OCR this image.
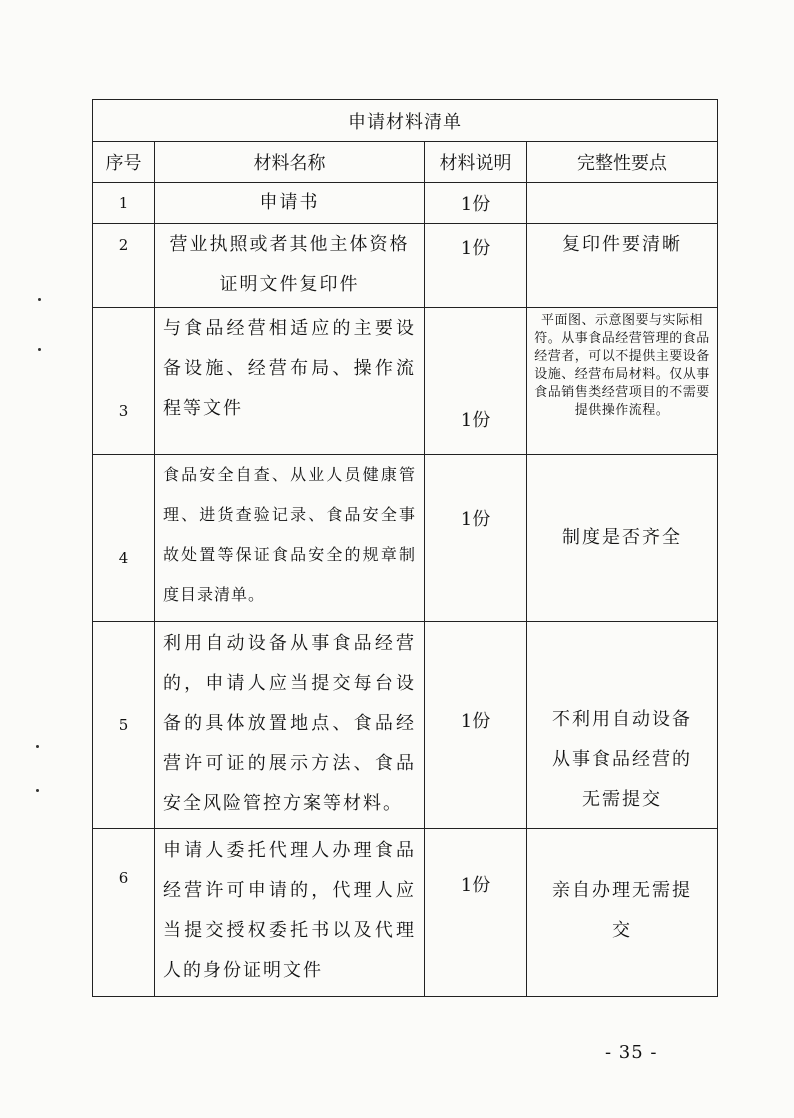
申请材料清单			
序号	材料名称	材料说明	完整性要点
1	申请书	1份	
2	营业执照或者其他主体资格证明文件复印件	1份	复印件要清晰
3	与食品经营相适应的主要设备设施、经营布局、操作流程等文件	1份	平面图、示意图要与实际相符。从事食品经营管理的食品经营者，可以不提供主要设备设施、经营布局材料。仅从事食品销售类经营项目的不需要提供操作流程。
4	食品安全自查、从业人员健康管理、进货查验记录、食品安全事故处置等保证食品安全的规章制度目录清单。	1份	制度是否齐全
5	利用自动设备从事食品经营的，申请人应当提交每台设备的具体放置地点、食品经营许可证的展示方法、食品安全风险管控方案等材料。	1份	不利用自动设备从事食品经营的无需提交
6	申请人委托代理人办理食品经营许可申请的，代理人应当提交授权委托书以及代理人的身份证明文件	1份	亲自办理无需提交
- 35 -
